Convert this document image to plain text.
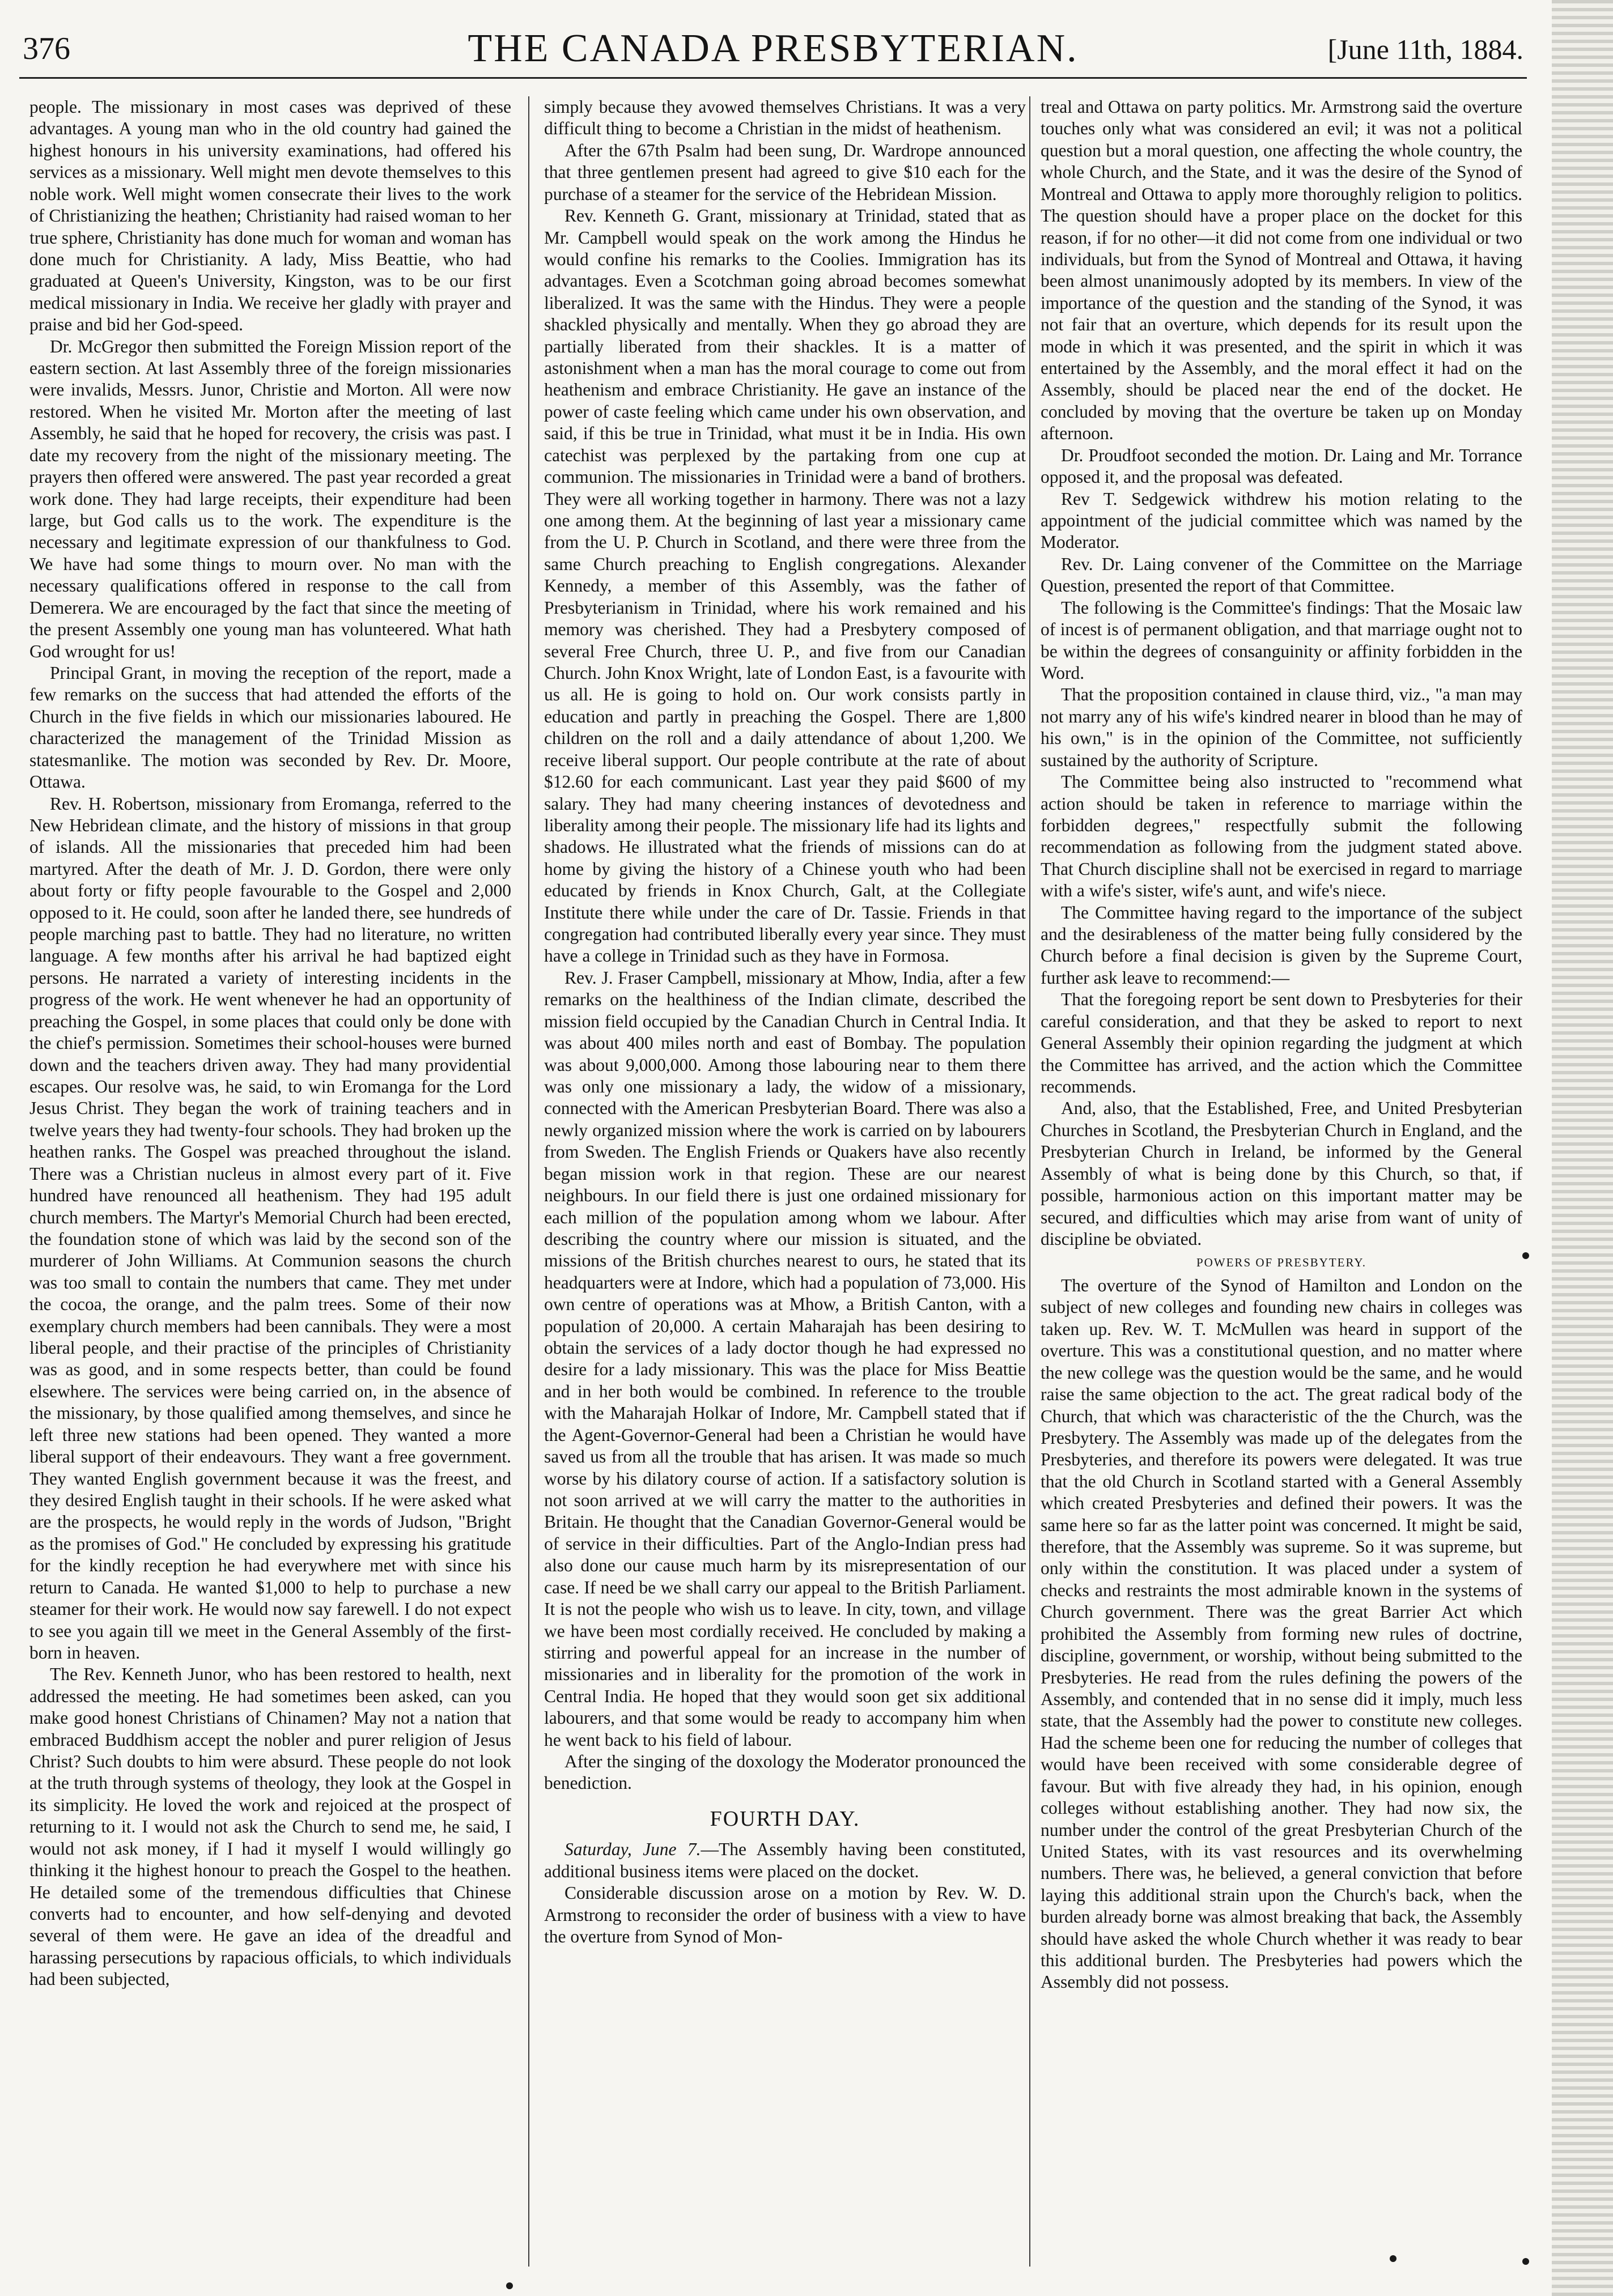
376	THE CANADA PRESBYTERIAN.	[June 11th, 1884.

people. The missionary in most cases was deprived of these advantages. A young man who in the old country had gained the highest honours in his university examinations, had offered his services as a missionary. Well might men devote themselves to this noble work. Well might women consecrate their lives to the work of Christianizing the heathen; Christianity had raised woman to her true sphere, Christianity has done much for woman and woman has done much for Christianity. A lady, Miss Beattie, who had graduated at Queen's University, Kingston, was to be our first medical missionary in India. We receive her gladly with prayer and praise and bid her God-speed.

Dr. McGregor then submitted the Foreign Mission report of the eastern section. At last Assembly three of the foreign missionaries were invalids, Messrs. Junor, Christie and Morton. All were now restored. When he visited Mr. Morton after the meeting of last Assembly, he said that he hoped for recovery, the crisis was past. I date my recovery from the night of the missionary meeting. The prayers then offered were answered. The past year recorded a great work done. They had large receipts, their expenditure had been large, but God calls us to the work. The expenditure is the necessary and legitimate expression of our thankfulness to God. We have had some things to mourn over. No man with the necessary qualifications offered in response to the call from Demerera. We are encouraged by the fact that since the meeting of the present Assembly one young man has volunteered. What hath God wrought for us!

Principal Grant, in moving the reception of the report, made a few remarks on the success that had attended the efforts of the Church in the five fields in which our missionaries laboured. He characterized the management of the Trinidad Mission as statesmanlike. The motion was seconded by Rev. Dr. Moore, Ottawa.

Rev. H. Robertson, missionary from Eromanga, referred to the New Hebridean climate, and the history of missions in that group of islands. All the missionaries that preceded him had been martyred. After the death of Mr. J. D. Gordon, there were only about forty or fifty people favourable to the Gospel and 2,000 opposed to it. He could, soon after he landed there, see hundreds of people marching past to battle. They had no literature, no written language. A few months after his arrival he had baptized eight persons. He narrated a variety of interesting incidents in the progress of the work. He went whenever he had an opportunity of preaching the Gospel, in some places that could only be done with the chief's permission. Sometimes their school-houses were burned down and the teachers driven away. They had many providential escapes. Our resolve was, he said, to win Eromanga for the Lord Jesus Christ. They began the work of training teachers and in twelve years they had twenty-four schools. They had broken up the heathen ranks. The Gospel was preached throughout the island. There was a Christian nucleus in almost every part of it. Five hundred have renounced all heathenism. They had 195 adult church members. The Martyr's Memorial Church had been erected, the foundation stone of which was laid by the second son of the murderer of John Williams. At Communion seasons the church was too small to contain the numbers that came. They met under the cocoa, the orange, and the palm trees. Some of their now exemplary church members had been cannibals. They were a most liberal people, and their practise of the principles of Christianity was as good, and in some respects better, than could be found elsewhere. The services were being carried on, in the absence of the missionary, by those qualified among themselves, and since he left three new stations had been opened. They wanted a more liberal support of their endeavours. They want a free government. They wanted English government because it was the freest, and they desired English taught in their schools. If he were asked what are the prospects, he would reply in the words of Judson, "Bright as the promises of God." He concluded by expressing his gratitude for the kindly reception he had everywhere met with since his return to Canada. He wanted $1,000 to help to purchase a new steamer for their work. He would now say farewell. I do not expect to see you again till we meet in the General Assembly of the first-born in heaven.

The Rev. Kenneth Junor, who has been restored to health, next addressed the meeting. He had sometimes been asked, can you make good honest Christians of Chinamen? May not a nation that embraced Buddhism accept the nobler and purer religion of Jesus Christ? Such doubts to him were absurd. These people do not look at the truth through systems of theology, they look at the Gospel in its simplicity. He loved the work and rejoiced at the prospect of returning to it. I would not ask the Church to send me, he said, I would not ask money, if I had it myself I would willingly go thinking it the highest honour to preach the Gospel to the heathen. He detailed some of the tremendous difficulties that Chinese converts had to encounter, and how self-denying and devoted several of them were. He gave an idea of the dreadful and harassing persecutions by rapacious officials, to which individuals had been subjected,

simply because they avowed themselves Christians. It was a very difficult thing to become a Christian in the midst of heathenism.

After the 67th Psalm had been sung, Dr. Wardrope announced that three gentlemen present had agreed to give $10 each for the purchase of a steamer for the service of the Hebridean Mission.

Rev. Kenneth G. Grant, missionary at Trinidad, stated that as Mr. Campbell would speak on the work among the Hindus he would confine his remarks to the Coolies. Immigration has its advantages. Even a Scotchman going abroad becomes somewhat liberalized. It was the same with the Hindus. They were a people shackled physically and mentally. When they go abroad they are partially liberated from their shackles. It is a matter of astonishment when a man has the moral courage to come out from heathenism and embrace Christianity. He gave an instance of the power of caste feeling which came under his own observation, and said, if this be true in Trinidad, what must it be in India. His own catechist was perplexed by the partaking from one cup at communion. The missionaries in Trinidad were a band of brothers. They were all working together in harmony. There was not a lazy one among them. At the beginning of last year a missionary came from the U. P. Church in Scotland, and there were three from the same Church preaching to English congregations. Alexander Kennedy, a member of this Assembly, was the father of Presbyterianism in Trinidad, where his work remained and his memory was cherished. They had a Presbytery composed of several Free Church, three U. P., and five from our Canadian Church. John Knox Wright, late of London East, is a favourite with us all. He is going to hold on. Our work consists partly in education and partly in preaching the Gospel. There are 1,800 children on the roll and a daily attendance of about 1,200. We receive liberal support. Our people contribute at the rate of about $12.60 for each communicant. Last year they paid $600 of my salary. They had many cheering instances of devotedness and liberality among their people. The missionary life had its lights and shadows. He illustrated what the friends of missions can do at home by giving the history of a Chinese youth who had been educated by friends in Knox Church, Galt, at the Collegiate Institute there while under the care of Dr. Tassie. Friends in that congregation had contributed liberally every year since. They must have a college in Trinidad such as they have in Formosa.

Rev. J. Fraser Campbell, missionary at Mhow, India, after a few remarks on the healthiness of the Indian climate, described the mission field occupied by the Canadian Church in Central India. It was about 400 miles north and east of Bombay. The population was about 9,000,000. Among those labouring near to them there was only one missionary a lady, the widow of a missionary, connected with the American Presbyterian Board. There was also a newly organized mission where the work is carried on by labourers from Sweden. The English Friends or Quakers have also recently began mission work in that region. These are our nearest neighbours. In our field there is just one ordained missionary for each million of the population among whom we labour. After describing the country where our mission is situated, and the missions of the British churches nearest to ours, he stated that its headquarters were at Indore, which had a population of 73,000. His own centre of operations was at Mhow, a British Canton, with a population of 20,000. A certain Maharajah has been desiring to obtain the services of a lady doctor though he had expressed no desire for a lady missionary. This was the place for Miss Beattie and in her both would be combined. In reference to the trouble with the Maharajah Holkar of Indore, Mr. Campbell stated that if the Agent-Governor-General had been a Christian he would have saved us from all the trouble that has arisen. It was made so much worse by his dilatory course of action. If a satisfactory solution is not soon arrived at we will carry the matter to the authorities in Britain. He thought that the Canadian Governor-General would be of service in their difficulties. Part of the Anglo-Indian press had also done our cause much harm by its misrepresentation of our case. If need be we shall carry our appeal to the British Parliament. It is not the people who wish us to leave. In city, town, and village we have been most cordially received. He concluded by making a stirring and powerful appeal for an increase in the number of missionaries and in liberality for the promotion of the work in Central India. He hoped that they would soon get six additional labourers, and that some would be ready to accompany him when he went back to his field of labour.

After the singing of the doxology the Moderator pronounced the benediction.

FOURTH DAY.

Saturday, June 7.—The Assembly having been constituted, additional business items were placed on the docket.

Considerable discussion arose on a motion by Rev. W. D. Armstrong to reconsider the order of business with a view to have the overture from Synod of Mon-

treal and Ottawa on party politics. Mr. Armstrong said the overture touches only what was considered an evil; it was not a political question but a moral question, one affecting the whole country, the whole Church, and the State, and it was the desire of the Synod of Montreal and Ottawa to apply more thoroughly religion to politics. The question should have a proper place on the docket for this reason, if for no other—it did not come from one individual or two individuals, but from the Synod of Montreal and Ottawa, it having been almost unanimously adopted by its members. In view of the importance of the question and the standing of the Synod, it was not fair that an overture, which depends for its result upon the mode in which it was presented, and the spirit in which it was entertained by the Assembly, and the moral effect it had on the Assembly, should be placed near the end of the docket. He concluded by moving that the overture be taken up on Monday afternoon.

Dr. Proudfoot seconded the motion. Dr. Laing and Mr. Torrance opposed it, and the proposal was defeated.

Rev T. Sedgewick withdrew his motion relating to the appointment of the judicial committee which was named by the Moderator.

Rev. Dr. Laing convener of the Committee on the Marriage Question, presented the report of that Committee.

The following is the Committee's findings: That the Mosaic law of incest is of permanent obligation, and that marriage ought not to be within the degrees of consanguinity or affinity forbidden in the Word.

That the proposition contained in clause third, viz., "a man may not marry any of his wife's kindred nearer in blood than he may of his own," is in the opinion of the Committee, not sufficiently sustained by the authority of Scripture.

The Committee being also instructed to "recommend what action should be taken in reference to marriage within the forbidden degrees," respectfully submit the following recommendation as following from the judgment stated above. That Church discipline shall not be exercised in regard to marriage with a wife's sister, wife's aunt, and wife's niece.

The Committee having regard to the importance of the subject and the desirableness of the matter being fully considered by the Church before a final decision is given by the Supreme Court, further ask leave to recommend:—

That the foregoing report be sent down to Presbyteries for their careful consideration, and that they be asked to report to next General Assembly their opinion regarding the judgment at which the Committee has arrived, and the action which the Committee recommends.

And, also, that the Established, Free, and United Presbyterian Churches in Scotland, the Presbyterian Church in England, and the Presbyterian Church in Ireland, be informed by the General Assembly of what is being done by this Church, so that, if possible, harmonious action on this important matter may be secured, and difficulties which may arise from want of unity of discipline be obviated.

POWERS OF PRESBYTERY.

The overture of the Synod of Hamilton and London on the subject of new colleges and founding new chairs in colleges was taken up. Rev. W. T. McMullen was heard in support of the overture. This was a constitutional question, and no matter where the new college was the question would be the same, and he would raise the same objection to the act. The great radical body of the Church, that which was characteristic of the the Church, was the Presbytery. The Assembly was made up of the delegates from the Presbyteries, and therefore its powers were delegated. It was true that the old Church in Scotland started with a General Assembly which created Presbyteries and defined their powers. It was the same here so far as the latter point was concerned. It might be said, therefore, that the Assembly was supreme. So it was supreme, but only within the constitution. It was placed under a system of checks and restraints the most admirable known in the systems of Church government. There was the great Barrier Act which prohibited the Assembly from forming new rules of doctrine, discipline, government, or worship, without being submitted to the Presbyteries. He read from the rules defining the powers of the Assembly, and contended that in no sense did it imply, much less state, that the Assembly had the power to constitute new colleges. Had the scheme been one for reducing the number of colleges that would have been received with some considerable degree of favour. But with five already they had, in his opinion, enough colleges without establishing another. They had now six, the number under the control of the great Presbyterian Church of the United States, with its vast resources and its overwhelming numbers. There was, he believed, a general conviction that before laying this additional strain upon the Church's back, when the burden already borne was almost breaking that back, the Assembly should have asked the whole Church whether it was ready to bear this additional burden. The Presbyteries had powers which the Assembly did not possess.
